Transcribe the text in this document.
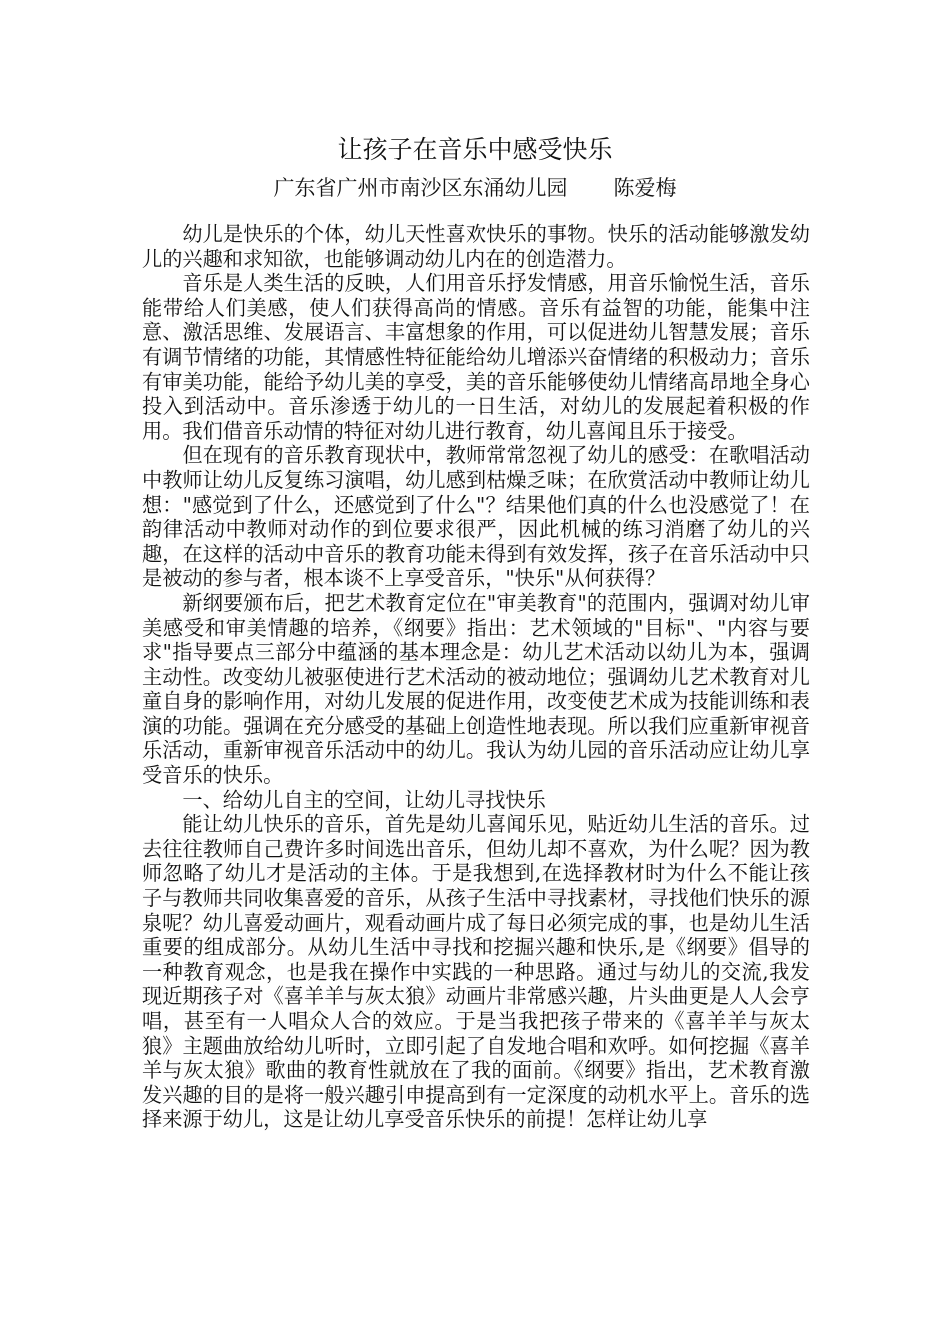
让孩子在音乐中感受快乐
广东省广州市南沙区东涌幼儿园 陈爱梅

幼儿是快乐的个体，幼儿天性喜欢快乐的事物。快乐的活动能够激发幼儿的兴趣和求知欲，也能够调动幼儿内在的创造潜力。

音乐是人类生活的反映，人们用音乐抒发情感，用音乐愉悦生活，音乐能带给人们美感，使人们获得高尚的情感。音乐有益智的功能，能集中注意、激活思维、发展语言、丰富想象的作用，可以促进幼儿智慧发展；音乐有调节情绪的功能，其情感性特征能给幼儿增添兴奋情绪的积极动力；音乐有审美功能，能给予幼儿美的享受，美的音乐能够使幼儿情绪高昂地全身心投入到活动中。音乐渗透于幼儿的一日生活，对幼儿的发展起着积极的作用。我们借音乐动情的特征对幼儿进行教育，幼儿喜闻且乐于接受。

但在现有的音乐教育现状中，教师常常忽视了幼儿的感受：在歌唱活动中教师让幼儿反复练习演唱，幼儿感到枯燥乏味；在欣赏活动中教师让幼儿想："感觉到了什么，还感觉到了什么"？结果他们真的什么也没感觉了！在韵律活动中教师对动作的到位要求很严，因此机械的练习消磨了幼儿的兴趣，在这样的活动中音乐的教育功能未得到有效发挥，孩子在音乐活动中只是被动的参与者，根本谈不上享受音乐，"快乐"从何获得？

新纲要颁布后，把艺术教育定位在"审美教育"的范围内，强调对幼儿审美感受和审美情趣的培养，《纲要》指出：艺术领域的"目标"、"内容与要求"指导要点三部分中蕴涵的基本理念是：幼儿艺术活动以幼儿为本，强调主动性。改变幼儿被驱使进行艺术活动的被动地位；强调幼儿艺术教育对儿童自身的影响作用，对幼儿发展的促进作用，改变使艺术成为技能训练和表演的功能。强调在充分感受的基础上创造性地表现。所以我们应重新审视音乐活动，重新审视音乐活动中的幼儿。我认为幼儿园的音乐活动应让幼儿享受音乐的快乐。

一、给幼儿自主的空间，让幼儿寻找快乐

能让幼儿快乐的音乐，首先是幼儿喜闻乐见，贴近幼儿生活的音乐。过去往往教师自己费许多时间选出音乐，但幼儿却不喜欢，为什么呢？因为教师忽略了幼儿才是活动的主体。于是我想到,在选择教材时为什么不能让孩子与教师共同收集喜爱的音乐，从孩子生活中寻找素材，寻找他们快乐的源泉呢？幼儿喜爱动画片，观看动画片成了每日必须完成的事，也是幼儿生活重要的组成部分。从幼儿生活中寻找和挖掘兴趣和快乐,是《纲要》倡导的一种教育观念，也是我在操作中实践的一种思路。通过与幼儿的交流,我发现近期孩子对《喜羊羊与灰太狼》动画片非常感兴趣，片头曲更是人人会亨唱，甚至有一人唱众人合的效应。于是当我把孩子带来的《喜羊羊与灰太狼》主题曲放给幼儿听时，立即引起了自发地合唱和欢呼。如何挖掘《喜羊羊与灰太狼》歌曲的教育性就放在了我的面前。《纲要》指出，艺术教育激发兴趣的目的是将一般兴趣引申提高到有一定深度的动机水平上。音乐的选择来源于幼儿，这是让幼儿享受音乐快乐的前提！怎样让幼儿享
